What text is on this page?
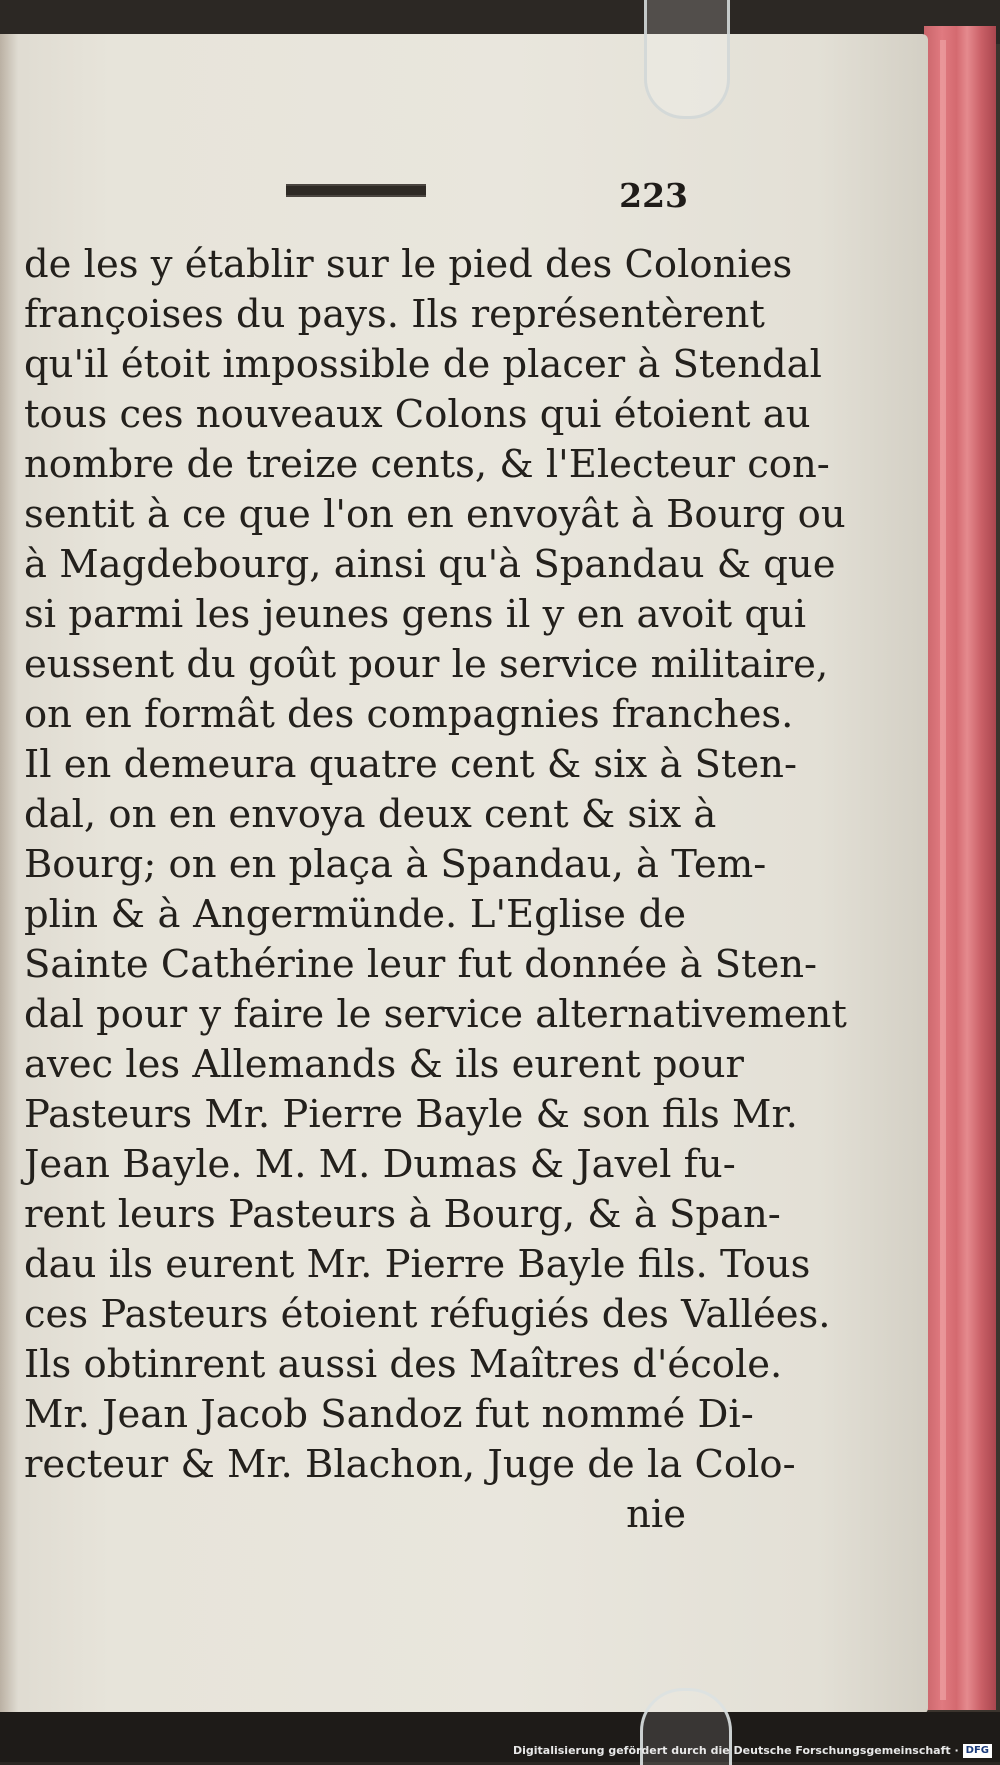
223
de les y établir sur le pied des Colonies
françoises du pays. Ils représentèrent
qu'il étoit impossible de placer à Stendal
tous ces nouveaux Colons qui étoient au
nombre de treize cents, & l'Electeur con-
sentit à ce que l'on en envoyât à Bourg ou
à Magdebourg, ainsi qu'à Spandau & que
si parmi les jeunes gens il y en avoit qui
eussent du goût pour le service militaire,
on en formât des compagnies franches.
Il en demeura quatre cent & six à Sten-
dal, on en envoya deux cent & six à
Bourg; on en plaça à Spandau, à Tem-
plin & à Angermünde. L'Eglise de
Sainte Cathérine leur fut donnée à Sten-
dal pour y faire le service alternativement
avec les Allemands & ils eurent pour
Pasteurs Mr. Pierre Bayle & son fils Mr.
Jean Bayle. M. M. Dumas & Javel fu-
rent leurs Pasteurs à Bourg, & à Span-
dau ils eurent Mr. Pierre Bayle fils. Tous
ces Pasteurs étoient réfugiés des Vallées.
Ils obtinrent aussi des Maîtres d'école.
Mr. Jean Jacob Sandoz fut nommé Di-
recteur & Mr. Blachon, Juge de la Colo-
nie
Digitalisierung gefördert durch die Deutsche Forschungsgemeinschaft · DFG
